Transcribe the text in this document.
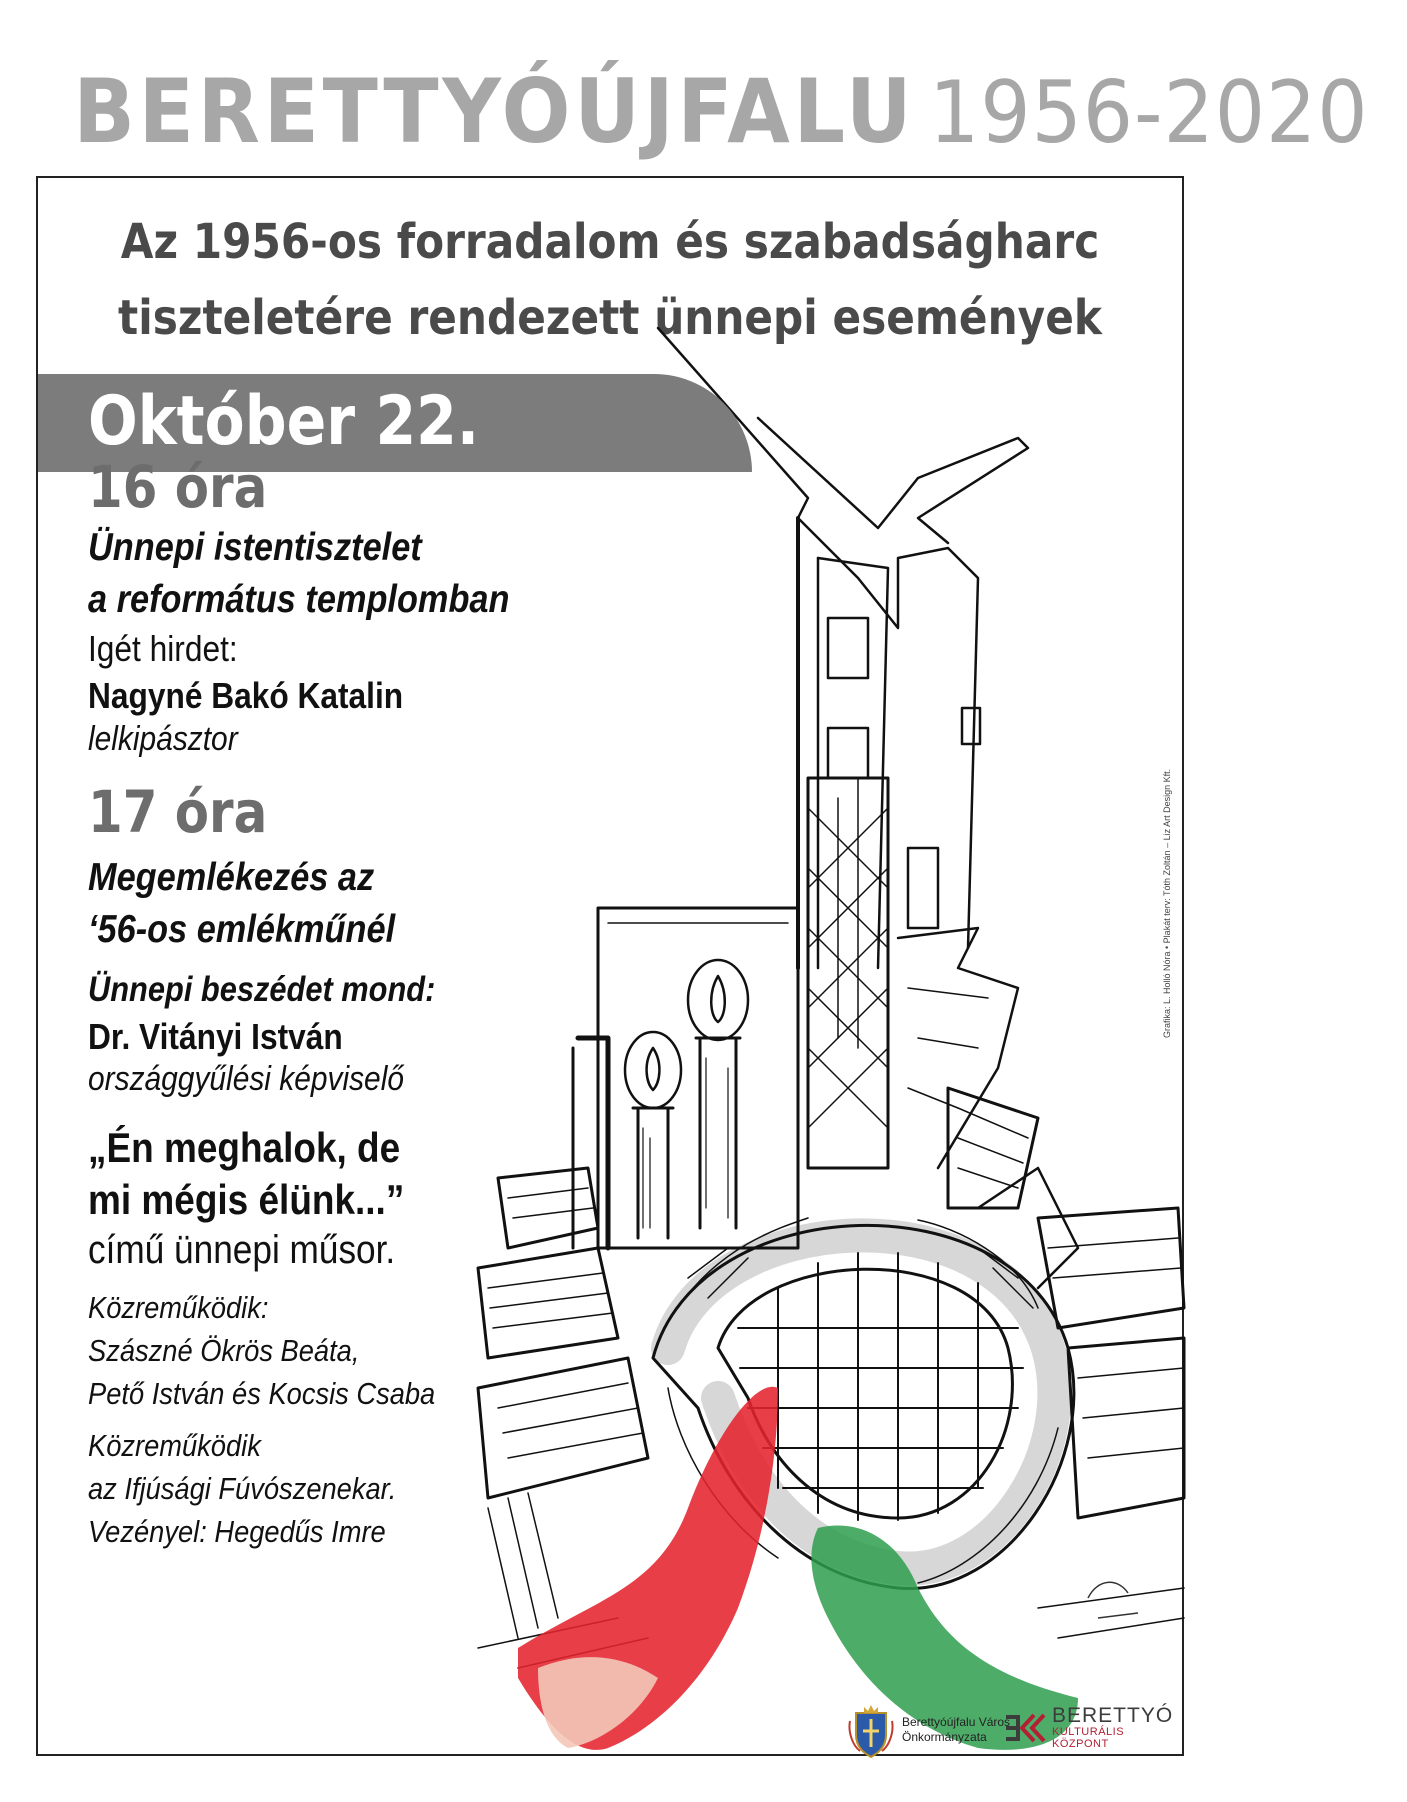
BERETTYÓÚJFALU 1956-2020
Az 1956-os forradalom és szabadságharc
tiszteletére rendezett ünnepi események
Október 22.
16 óra
Ünnepi istentisztelet
a református templomban
Igét hirdet:
Nagyné Bakó Katalin
lelkipásztor
17 óra
Megemlékezés az
‘56-os emlékműnél
Ünnepi beszédet mond:
Dr. Vitányi István
országgyűlési képviselő
„Én meghalok, de
mi mégis élünk...”
című ünnepi műsor.
Közreműködik:
Szászné Ökrös Beáta,
Pető István és Kocsis Csaba
Közreműködik
az Ifjúsági Fúvószenekar.
Vezényel: Hegedűs Imre
Grafika: L. Holló Nóra • Plakát terv: Tóth Zoltán – Liz Art Design Kft.
Berettyóújfalu Város
Önkormányzata
BERETTYÓ
KULTURÁLIS KÖZPONT
